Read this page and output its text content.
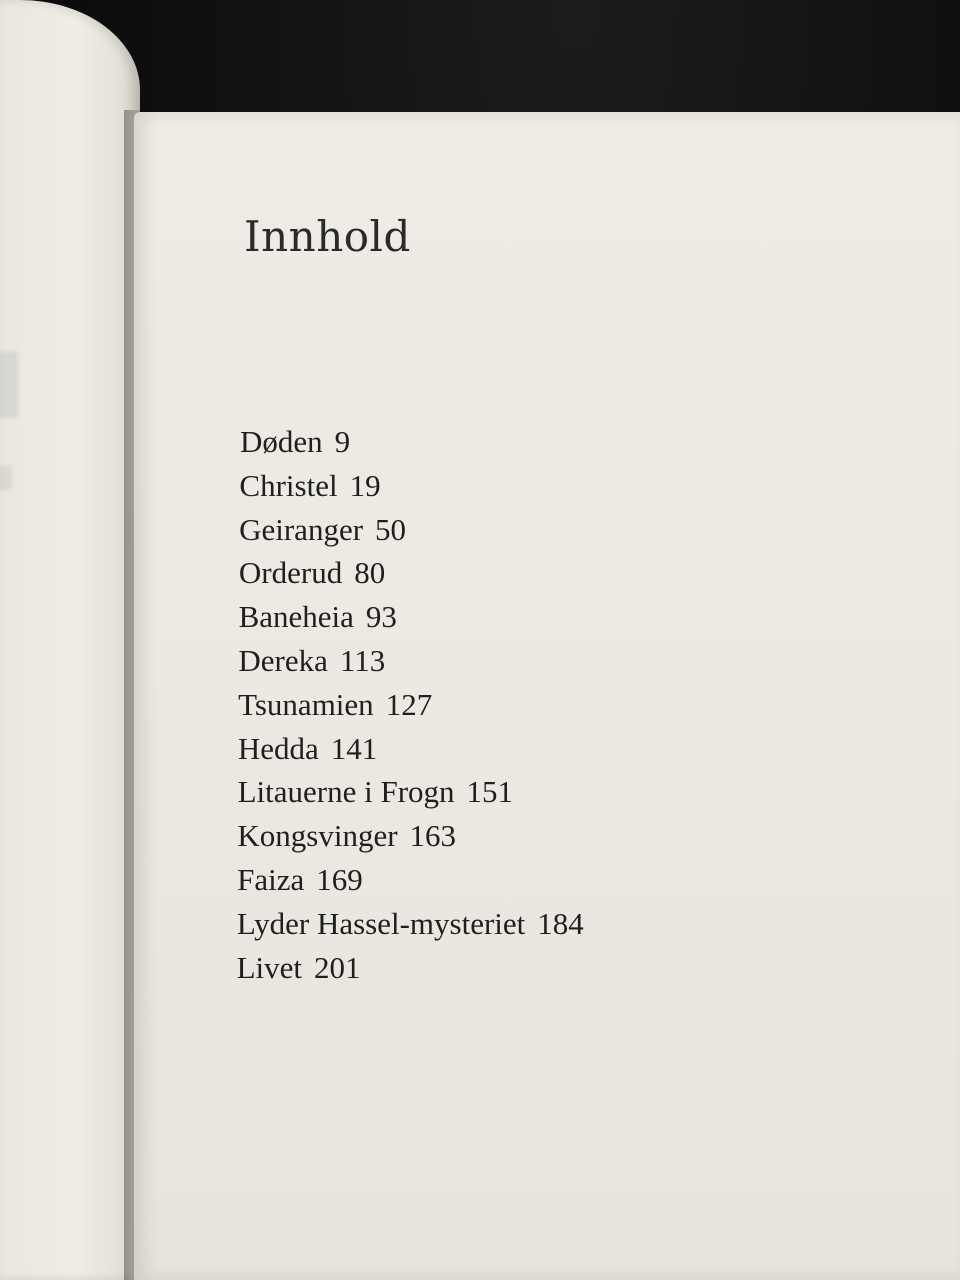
Innhold
Døden 9
Christel 19
Geiranger 50
Orderud 80
Baneheia 93
Dereka 113
Tsunamien 127
Hedda 141
Litauerne i Frogn 151
Kongsvinger 163
Faiza 169
Lyder Hassel-mysteriet 184
Livet 201
